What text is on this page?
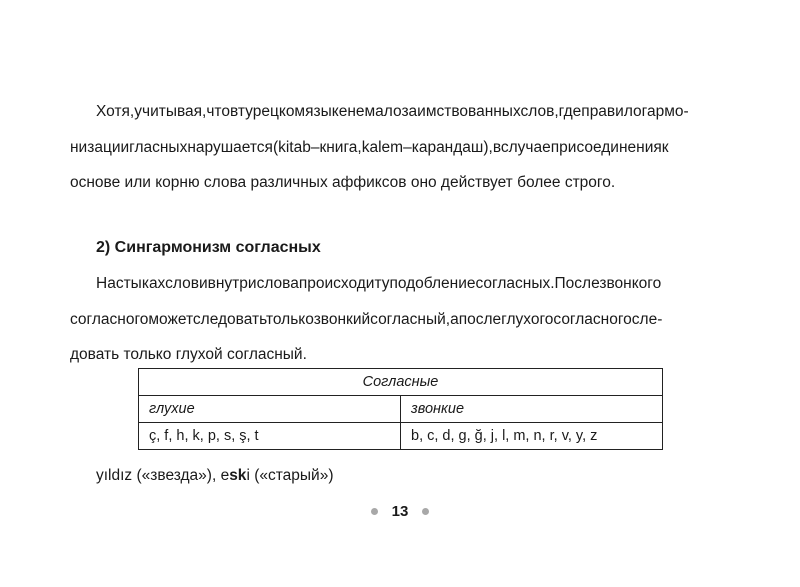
Хотя,учитывая,чтовтурецкомязыкенемалозаимствованныхслов,гдеправилогармо-
низациигласныхнарушается(kitab–книга,kalem–карандаш),вслучаеприсоединенияк
основе или корню слова различных аффиксов оно действует более строго.
2) Сингармонизм согласных
Настыкахсловивнутрисловапроисходитуподоблениесогласных.Послезвонкого
согласногоможетследоватьтолькозвонкийсогласный,апослеглухогосогласногосле-
довать только глухой согласный.
Согласные	
глухие	звонкие
ç, f, h, k, p, s, ş, t	b, c, d, g, ğ, j, l, m, n, r, v, y, z

yıldız («звезда»), eski («старый»)

13
